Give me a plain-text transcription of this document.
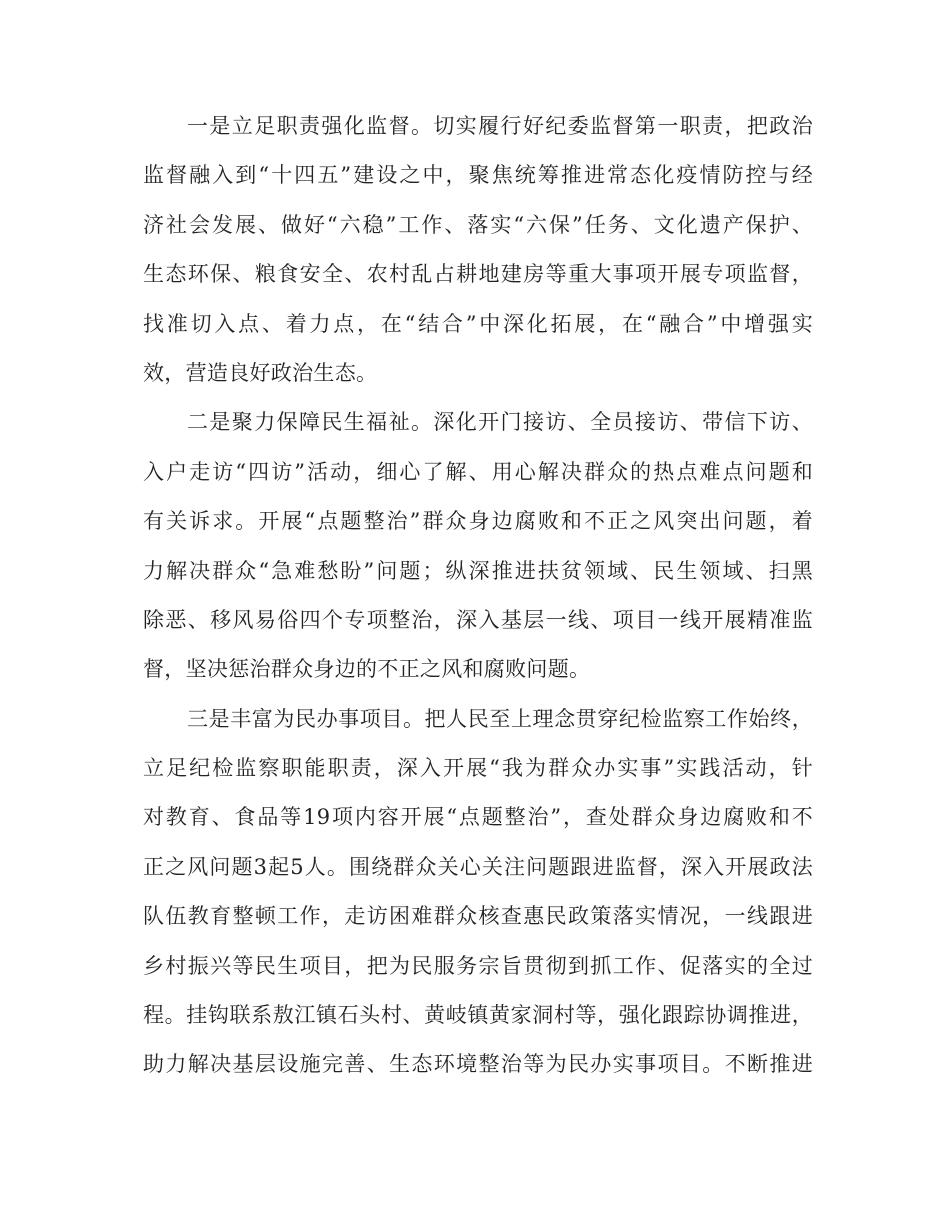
一是立足职责强化监督。切实履行好纪委监督第一职责，把政治
监督融入到“十四五”建设之中，聚焦统筹推进常态化疫情防控与经
济社会发展、做好“六稳”工作、落实“六保”任务、文化遗产保护、
生态环保、粮食安全、农村乱占耕地建房等重大事项开展专项监督，
找准切入点、着力点，在“结合”中深化拓展，在“融合”中增强实
效，营造良好政治生态。
二是聚力保障民生福祉。深化开门接访、全员接访、带信下访、
入户走访“四访”活动，细心了解、用心解决群众的热点难点问题和
有关诉求。开展“点题整治”群众身边腐败和不正之风突出问题，着
力解决群众“急难愁盼”问题；纵深推进扶贫领域、民生领域、扫黑
除恶、移风易俗四个专项整治，深入基层一线、项目一线开展精准监
督，坚决惩治群众身边的不正之风和腐败问题。
三是丰富为民办事项目。把人民至上理念贯穿纪检监察工作始终，
立足纪检监察职能职责，深入开展“我为群众办实事”实践活动，针
对教育、食品等19项内容开展“点题整治”，查处群众身边腐败和不
正之风问题3起5人。围绕群众关心关注问题跟进监督，深入开展政法
队伍教育整顿工作，走访困难群众核查惠民政策落实情况，一线跟进
乡村振兴等民生项目，把为民服务宗旨贯彻到抓工作、促落实的全过
程。挂钩联系敖江镇石头村、黄岐镇黄家洞村等，强化跟踪协调推进，
助力解决基层设施完善、生态环境整治等为民办实事项目。不断推进
